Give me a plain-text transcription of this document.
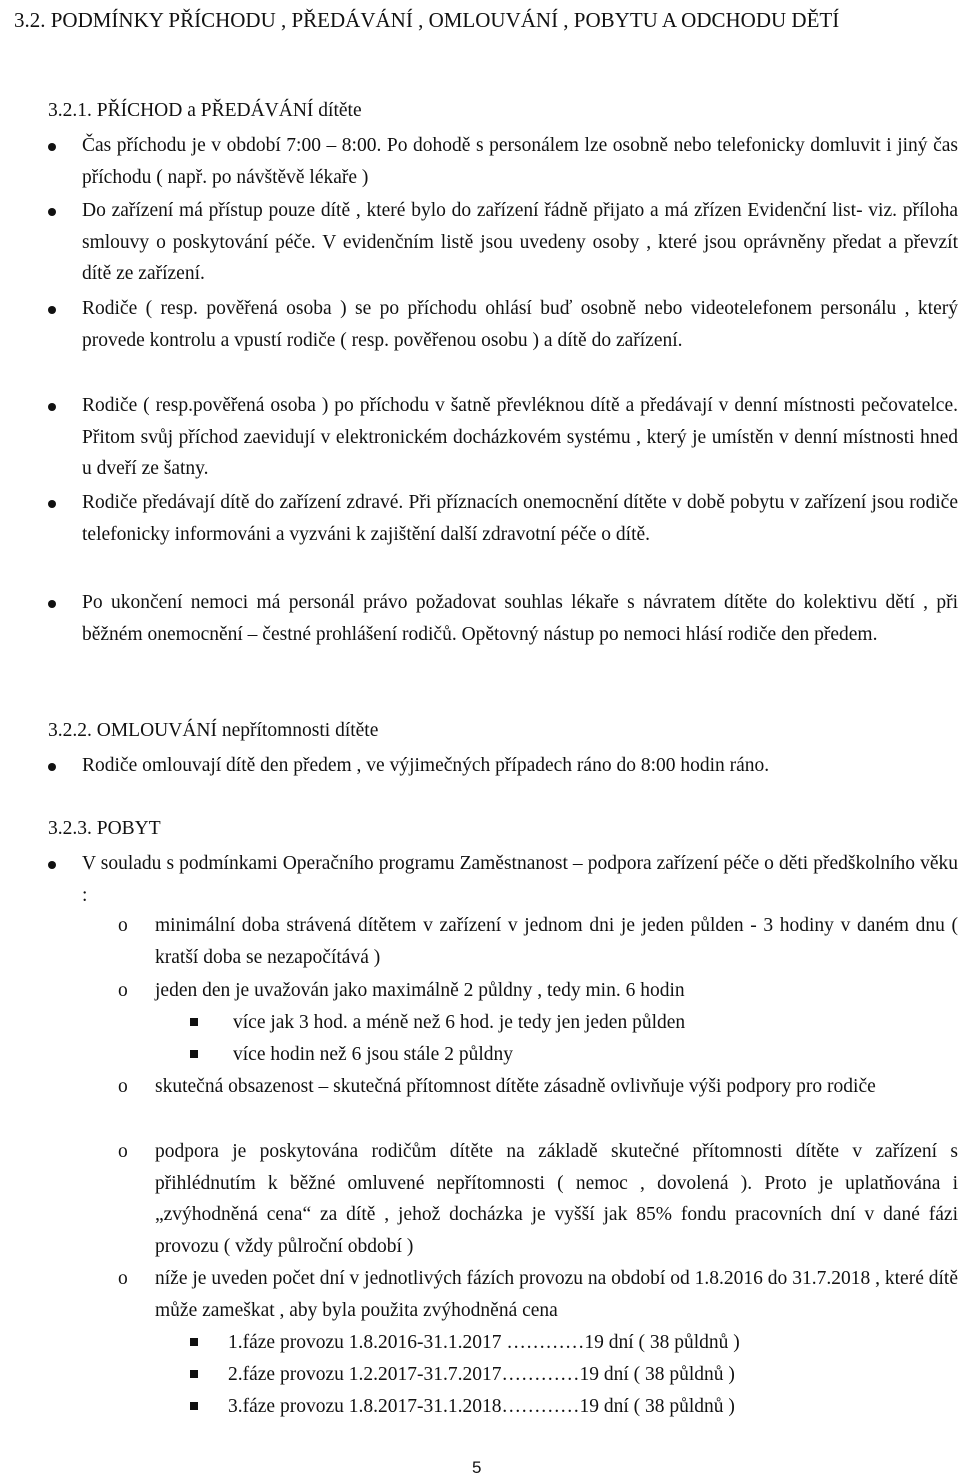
3.2. PODMÍNKY PŘÍCHODU , PŘEDÁVÁNÍ , OMLOUVÁNÍ , POBYTU A ODCHODU DĚTÍ
3.2.1. PŘÍCHOD a PŘEDÁVÁNÍ dítěte
Čas příchodu je v období 7:00 – 8:00. Po dohodě s personálem lze osobně nebo telefonicky domluvit i jiný čas příchodu ( např. po návštěvě lékaře )
Do zařízení má přístup pouze dítě , které bylo do zařízení řádně přijato a má zřízen Evidenční list- viz. příloha smlouvy o poskytování péče. V evidenčním listě jsou uvedeny osoby , které jsou oprávněny předat a převzít dítě ze zařízení.
Rodiče ( resp. pověřená osoba ) se po příchodu ohlásí buď osobně nebo videotelefonem personálu , který provede kontrolu a vpustí rodiče ( resp. pověřenou osobu ) a dítě do zařízení.
Rodiče ( resp.pověřená osoba ) po příchodu v šatně převléknou dítě a předávají v denní místnosti pečovatelce. Přitom svůj příchod zaevidují v elektronickém docházkovém systému , který je umístěn v denní místnosti hned u dveří ze šatny.
Rodiče předávají dítě do zařízení zdravé. Při příznacích onemocnění dítěte v době pobytu v zařízení jsou rodiče telefonicky informováni a vyzváni k zajištění další zdravotní péče o dítě.
Po ukončení nemoci má personál právo požadovat souhlas lékaře s návratem dítěte do kolektivu dětí , při běžném onemocnění – čestné prohlášení rodičů. Opětovný nástup po nemoci hlásí rodiče den předem.
3.2.2. OMLOUVÁNÍ nepřítomnosti dítěte
Rodiče omlouvají dítě den předem , ve výjimečných případech ráno do 8:00 hodin ráno.
3.2.3. POBYT
V souladu s podmínkami Operačního programu Zaměstnanost – podpora zařízení péče o děti předškolního věku :
o minimální doba strávená dítětem v zařízení v jednom dni je jeden půlden - 3 hodiny v daném dnu ( kratší doba se nezapočítává )
o jeden den je uvažován jako maximálně 2 půldny , tedy min. 6 hodin
více jak 3 hod. a méně než 6 hod. je tedy jen jeden půlden
více hodin než 6 jsou stále 2 půldny
o skutečná obsazenost – skutečná přítomnost dítěte zásadně ovlivňuje výši podpory pro rodiče
o podpora je poskytována rodičům dítěte na základě skutečné přítomnosti dítěte v zařízení s přihlédnutím k běžné omluvené nepřítomnosti ( nemoc , dovolená ). Proto je uplatňována i „zvýhodněná cena“ za dítě , jehož docházka je vyšší jak 85% fondu pracovních dní v dané fázi provozu ( vždy půlroční období )
o níže je uveden počet dní v jednotlivých fázích provozu na období od 1.8.2016 do 31.7.2018 , které dítě může zameškat , aby byla použita zvýhodněná cena
1.fáze provozu 1.8.2016-31.1.2017 …………19 dní ( 38 půldnů )
2.fáze provozu 1.2.2017-31.7.2017…………19 dní ( 38 půldnů )
3.fáze provozu 1.8.2017-31.1.2018…………19 dní ( 38 půldnů )
5
